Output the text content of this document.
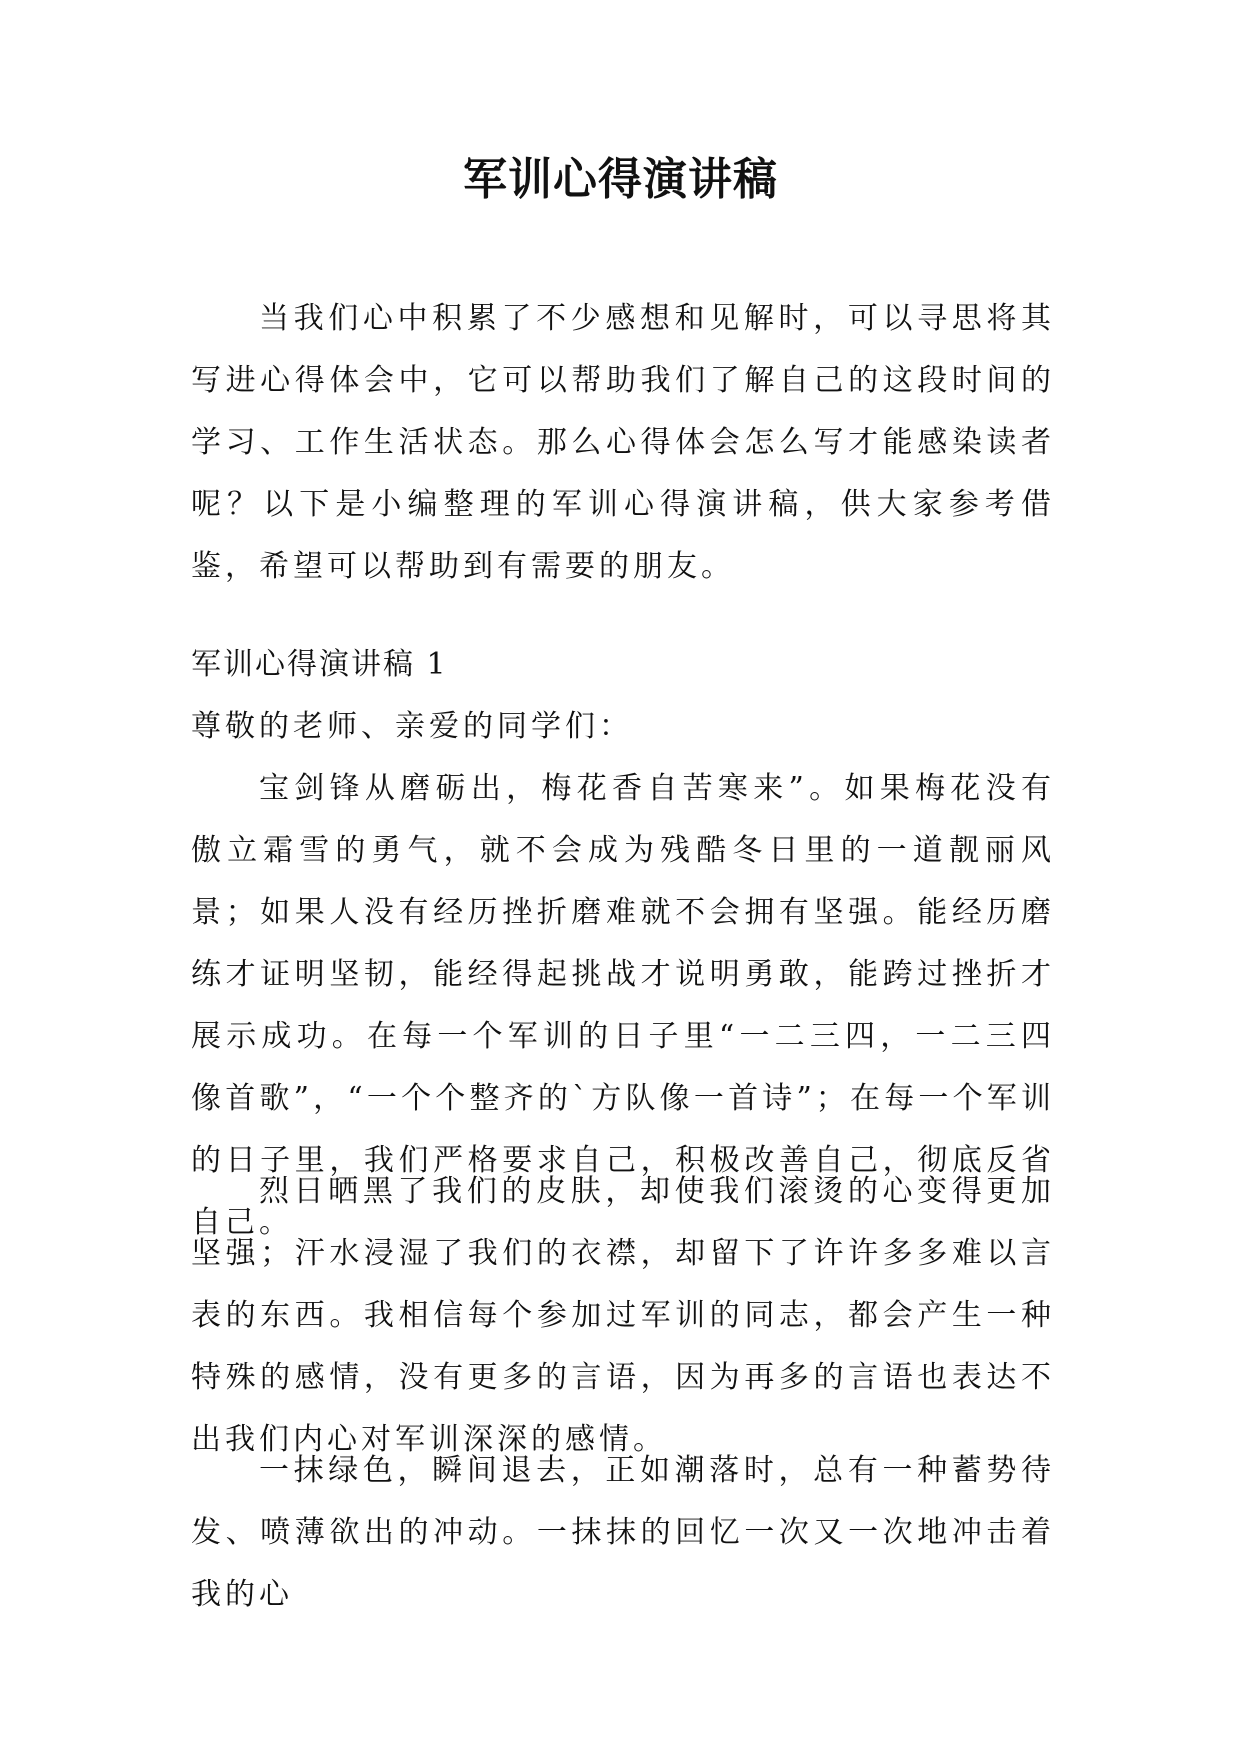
军训心得演讲稿

当我们心中积累了不少感想和见解时，可以寻思将其写进心得体会中，它可以帮助我们了解自己的这段时间的学习、工作生活状态。那么心得体会怎么写才能感染读者呢？以下是小编整理的军训心得演讲稿，供大家参考借鉴，希望可以帮助到有需要的朋友。

军训心得演讲稿 1

尊敬的老师、亲爱的同学们：

宝剑锋从磨砺出，梅花香自苦寒来”。如果梅花没有傲立霜雪的勇气，就不会成为残酷冬日里的一道靓丽风景；如果人没有经历挫折磨难就不会拥有坚强。能经历磨练才证明坚韧，能经得起挑战才说明勇敢，能跨过挫折才展示成功。在每一个军训的日子里“一二三四，一二三四像首歌”，“一个个整齐的`方队像一首诗”；在每一个军训的日子里，我们严格要求自己，积极改善自己，彻底反省自己。

烈日晒黑了我们的皮肤，却使我们滚烫的心变得更加坚强；汗水浸湿了我们的衣襟，却留下了许许多多难以言表的东西。我相信每个参加过军训的同志，都会产生一种特殊的感情，没有更多的言语，因为再多的言语也表达不出我们内心对军训深深的感情。

一抹绿色，瞬间退去，正如潮落时，总有一种蓄势待发、喷薄欲出的冲动。一抹抹的回忆一次又一次地冲击着我的心
